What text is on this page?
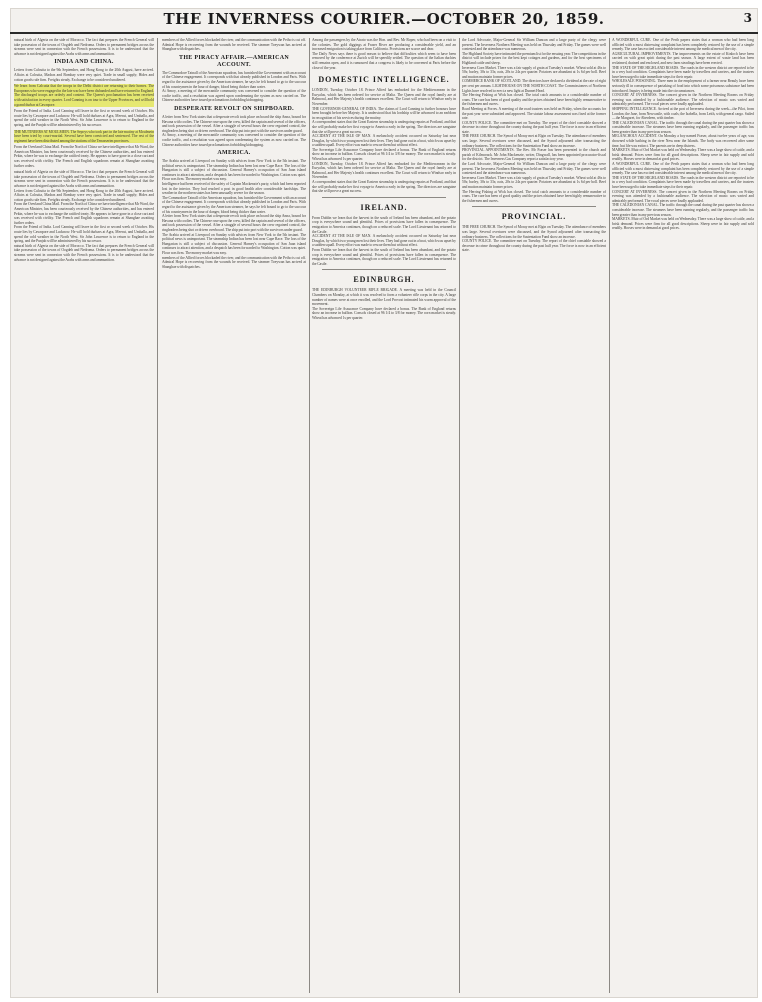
THE INVERNESS COURIER.—OCTOBER 20, 1859.	3
natural birth of Algeria on the side of Morocco. The fact that prepares the French General will take possession of the towns of Oogdeh and Nedroma. Orders to permanent bridges across the streams were sent in connexion with the French possessions. It is to be understood that the advance is not designed against the Arabs with arms and ammunition.
INDIA AND CHINA.
Letters from Calcutta to the 9th September, and Hong Kong to the 20th August, have arrived. Affairs at Calcutta, Madras and Bombay were very quiet. Trade in small supply; Hides and cotton goods rule firm. Freights steady. Exchange to be considered unaltered.
We learn from Calcutta that the troops in the Delhi district are returning to their homes. The Europeans who were engaged in the late war have been disbanded and have returned to England. The discharged troops are orderly and content. The Queen's proclamation has been received with satisfaction in every quarter. Lord Canning is on tour to the Upper Provinces, and will hold a grand durbar at Cawnpore.
From the Friend of India. Lord Canning will leave in the first or second week of October. His route lies by Cawnpore and Lucknow. He will hold durbars at Agra, Meerut, and Umballa, and spend the cold weather in the North West. Sir John Lawrence is to return to England in the spring, and the Punjab will be administered by his successor.
THE MUTINEERS AT MOULMEIN. The Sepoys who took part in the late mutiny at Moulmein have been tried by court-martial. Several have been convicted and sentenced. The rest of the regiment have been distributed among the stations of the Tenasserim provinces.
From the Overland China Mail. From the North of China we have intelligence that Mr Ward, the American Minister, has been courteously received by the Chinese authorities, and has entered Pekin, where he was to exchange the ratified treaty. He appears to have gone in a close cart and was received with civility. The French and English squadrons remain at Shanghae awaiting further orders.
natural birth of Algeria on the side of Morocco. The fact that prepares the French General will take possession of the towns of Oogdeh and Nedroma. Orders to permanent bridges across the streams were sent in connexion with the French possessions. It is to be understood that the advance is not designed against the Arabs with arms and ammunition.
Letters from Calcutta to the 9th September, and Hong Kong to the 20th August, have arrived. Affairs at Calcutta, Madras and Bombay were very quiet. Trade in small supply; Hides and cotton goods rule firm. Freights steady. Exchange to be considered unaltered.
From the Overland China Mail. From the North of China we have intelligence that Mr Ward, the American Minister, has been courteously received by the Chinese authorities, and has entered Pekin, where he was to exchange the ratified treaty. He appears to have gone in a close cart and was received with civility. The French and English squadrons remain at Shanghae awaiting further orders.
From the Friend of India. Lord Canning will leave in the first or second week of October. His route lies by Cawnpore and Lucknow. He will hold durbars at Agra, Meerut, and Umballa, and spend the cold weather in the North West. Sir John Lawrence is to return to England in the spring, and the Punjab will be administered by his successor.
natural birth of Algeria on the side of Morocco. The fact that prepares the French General will take possession of the towns of Oogdeh and Nedroma. Orders to permanent bridges across the streams were sent in connexion with the French possessions. It is to be understood that the advance is not designed against the Arabs with arms and ammunition.
members of the Allied forces blockaded the river, and the communication with the Peiho is cut off. Admiral Hope is recovering from the wounds he received. The steamer Toeywan has arrived at Shanghae with dispatches.
THE PIRACY AFFAIR.—AMERICAN ACCOUNT.
The Commodore Tatnall of the American squadron, has furnished the Government with an account of the Chinese engagement. It corresponds with that already published in London and Paris. With regard to the assistance given by the American steamer, he says he felt bound to go to the succour of his countrymen in the hour of danger, blood being thicker than water.
At Amoy, a meeting of the mercantile community was convened to consider the question of the coolie traffic, and a resolution was agreed upon condemning the system as now carried on. The Chinese authorities have issued proclamations forbidding kidnapping.
DESPERATE REVOLT ON SHIPBOARD.
A letter from New York states that a desperate revolt took place on board the ship Anna, bound for Havana with coolies. The Chinese rose upon the crew, killed the captain and several of the officers, and took possession of the vessel. After a struggle of several hours the crew regained control, the ringleaders being shot or driven overboard. The ship put into port with the survivors under guard.
At Amoy, a meeting of the mercantile community was convened to consider the question of the coolie traffic, and a resolution was agreed upon condemning the system as now carried on. The Chinese authorities have issued proclamations forbidding kidnapping.
AMERICA.
The Arabia arrived at Liverpool on Sunday with advices from New York to the 5th instant. The political news is unimportant. The steamship Indian has been lost near Cape Race. The loss of the Hungarian is still a subject of discussion. General Harney's occupation of San Juan island continues to attract attention, and a despatch has been forwarded to Washington. Cotton was quiet. Flour was firm. The money market was easy.
Intelligence had been received of the safety of Captain Mackenzie's party, which had been reported lost in the interior. They had reached a post in good health after considerable hardships. The weather in the northern states has been unusually severe for the season.
The Commodore Tatnall of the American squadron, has furnished the Government with an account of the Chinese engagement. It corresponds with that already published in London and Paris. With regard to the assistance given by the American steamer, he says he felt bound to go to the succour of his countrymen in the hour of danger, blood being thicker than water.
A letter from New York states that a desperate revolt took place on board the ship Anna, bound for Havana with coolies. The Chinese rose upon the crew, killed the captain and several of the officers, and took possession of the vessel. After a struggle of several hours the crew regained control, the ringleaders being shot or driven overboard. The ship put into port with the survivors under guard.
The Arabia arrived at Liverpool on Sunday with advices from New York to the 5th instant. The political news is unimportant. The steamship Indian has been lost near Cape Race. The loss of the Hungarian is still a subject of discussion. General Harney's occupation of San Juan island continues to attract attention, and a despatch has been forwarded to Washington. Cotton was quiet. Flour was firm. The money market was easy.
members of the Allied forces blockaded the river, and the communication with the Peiho is cut off. Admiral Hope is recovering from the wounds he received. The steamer Toeywan has arrived at Shanghae with dispatches.
Among the passengers by the Atrato was the Hon. and Rev. Mr Roper, who had been on a visit to the colonies. The gold diggings at Fraser River are producing a considerable yield, and an increased emigration is taking place from California. Provisions are scarce and dear.
The Daily News says there is good reason to believe that difficulties which seem to have been removed by the conference at Zurich will be speedily settled. The question of the Italian duchies still remains open, and it is rumoured that a congress is likely to be convened at Paris before the close of the year.
DOMESTIC INTELLIGENCE.
LONDON, Tuesday, October 18. Prince Alfred has embarked for the Mediterranean in the Euryalus, which has been ordered for service at Malta. The Queen and the royal family are at Balmoral, and Her Majesty's health continues excellent. The Court will return to Windsor early in November.
THE GOVERNOR-GENERAL OF INDIA. The claims of Lord Canning to further honours have been brought before her Majesty. It is understood that his lordship will be advanced to an earldom in recognition of his services during the mutiny.
A correspondent states that the Great Eastern steamship is undergoing repairs at Portland, and that she will probably make her first voyage to America early in the spring. The directors are sanguine that she will prove a great success.
ACCIDENT AT THE ISLE OF MAN. A melancholy accident occurred on Saturday last near Douglas, by which two young men lost their lives. They had gone out in a boat, which was upset by a sudden squall. Every effort was made to rescue them but without effect.
The Sovereign Life Assurance Company have declared a bonus. The Bank of England returns show an increase in bullion. Consols closed at 96 1/4 to 3/8 for money. The corn market is steady. Wheat has advanced 1s per quarter.
LONDON, Tuesday, October 18. Prince Alfred has embarked for the Mediterranean in the Euryalus, which has been ordered for service at Malta. The Queen and the royal family are at Balmoral, and Her Majesty's health continues excellent. The Court will return to Windsor early in November.
A correspondent states that the Great Eastern steamship is undergoing repairs at Portland, and that she will probably make her first voyage to America early in the spring. The directors are sanguine that she will prove a great success.
IRELAND.
From Dublin we learn that the harvest in the south of Ireland has been abundant, and the potato crop is everywhere sound and plentiful. Prices of provisions have fallen in consequence. The emigration to America continues, though on a reduced scale. The Lord Lieutenant has returned to the Castle.
ACCIDENT AT THE ISLE OF MAN. A melancholy accident occurred on Saturday last near Douglas, by which two young men lost their lives. They had gone out in a boat, which was upset by a sudden squall. Every effort was made to rescue them but without effect.
From Dublin we learn that the harvest in the south of Ireland has been abundant, and the potato crop is everywhere sound and plentiful. Prices of provisions have fallen in consequence. The emigration to America continues, though on a reduced scale. The Lord Lieutenant has returned to the Castle.
EDINBURGH.
THE EDINBURGH VOLUNTEER RIFLE BRIGADE. A meeting was held in the Council Chambers on Monday, at which it was resolved to form a volunteer rifle corps in the city. A large number of names were at once enrolled, and the Lord Provost intimated his warm approval of the movement.
The Sovereign Life Assurance Company have declared a bonus. The Bank of England returns show an increase in bullion. Consols closed at 96 1/4 to 3/8 for money. The corn market is steady. Wheat has advanced 1s per quarter.
the Lord Advocate, Major-General Sir William Duncan and a large party of the clergy were present. The Inverness Northern Meeting was held on Thursday and Friday. The games were well contested and the attendance was numerous.
The Highland Society have intimated the premium list for the ensuing year. The competitions in the district will include prizes for the best kept cottages and gardens, and for the best specimens of Highland cattle and sheep.
Inverness Corn Market. There was a fair supply of grain at Tuesday's market. Wheat sold at 46s to 50s; barley, 30s to 33s; oats, 20s to 24s per quarter. Potatoes are abundant at 1s 6d per boll. Beef and mutton maintain former prices.
COMMERCE BANK OF SCOTLAND. The directors have declared a dividend at the rate of eight per cent per annum. LIGHTHOUSE ON THE NORTH COAST. The Commissioners of Northern Lights have resolved to erect a new light at Dunnet Head.
The Herring Fishing at Wick has closed. The total catch amounts to a considerable number of crans. The cure has been of good quality and the prices obtained have been highly remunerative to the fishermen and curers.
Road Meeting at Forres. A meeting of the road trustees was held on Friday, when the accounts for the past year were submitted and approved. The statute labour assessment was fixed at the former rate.
COUNTY POLICE. The committee met on Tuesday. The report of the chief constable showed a decrease in crime throughout the county during the past half year. The force is now in an efficient state.
THE FREE CHURCH. The Synod of Moray met at Elgin on Tuesday. The attendance of members was large. Several overtures were discussed, and the Synod adjourned after transacting the ordinary business. The collections for the Sustentation Fund show an increase.
PROVINCIAL APPOINTMENTS. The Rev. Mr Fraser has been presented to the church and parish of Kilmorack. Mr John Mackenzie, writer, Dingwall, has been appointed procurator-fiscal for the district. The Inverness Gas Company report a satisfactory year.
the Lord Advocate, Major-General Sir William Duncan and a large party of the clergy were present. The Inverness Northern Meeting was held on Thursday and Friday. The games were well contested and the attendance was numerous.
Inverness Corn Market. There was a fair supply of grain at Tuesday's market. Wheat sold at 46s to 50s; barley, 30s to 33s; oats, 20s to 24s per quarter. Potatoes are abundant at 1s 6d per boll. Beef and mutton maintain former prices.
The Herring Fishing at Wick has closed. The total catch amounts to a considerable number of crans. The cure has been of good quality and the prices obtained have been highly remunerative to the fishermen and curers.
PROVINCIAL.
THE FREE CHURCH. The Synod of Moray met at Elgin on Tuesday. The attendance of members was large. Several overtures were discussed, and the Synod adjourned after transacting the ordinary business. The collections for the Sustentation Fund show an increase.
COUNTY POLICE. The committee met on Tuesday. The report of the chief constable showed a decrease in crime throughout the county during the past half year. The force is now in an efficient state.
A WONDERFUL CURE. One of the Perth papers states that a woman who had been long afflicted with a most distressing complaint has been completely restored by the use of a simple remedy. The case has excited considerable interest among the medical men of the city.
AGRICULTURAL IMPROVEMENTS. The improvements on the estate of Kinloch have been carried on with great spirit during the past season. A large extent of waste land has been reclaimed, drained and enclosed, and new farm steadings have been erected.
THE STATE OF THE HIGHLAND ROADS. The roads in the western district are reported to be in a very bad condition. Complaints have been made by travellers and carriers, and the trustees have been urged to take immediate steps for their repair.
WHOLESALE POISONING. Three men in the employment of a farmer near Beauly have been seriously ill in consequence of partaking of food into which some poisonous substance had been introduced. Inquiry is being made into the circumstances.
CONCERT AT INVERNESS. The concert given in the Northern Meeting Rooms on Friday evening was attended by a fashionable audience. The selection of music was varied and admirably performed. The vocal pieces were loudly applauded.
SHIPPING INTELLIGENCE. Arrived at the port of Inverness during the week—the Pilot, from London; the Jane, from Newcastle, with coals; the Isabella, from Leith, with general cargo. Sailed—the Margaret, for Aberdeen, with timber.
THE CALEDONIAN CANAL. The traffic through the canal during the past quarter has shown a considerable increase. The steamers have been running regularly, and the passenger traffic has been greater than in any previous season.
MELANCHOLY ACCIDENT. On Monday a boy named Fraser, about twelve years of age, was drowned while bathing in the river Ness near the Islands. The body was recovered after some time, but life was extinct. The parents are in deep distress.
MARKETS. Muir of Ord Market was held on Wednesday. There was a large show of cattle, and a brisk demand. Prices were firm for all good descriptions. Sheep were in fair supply and sold readily. Horses were in demand at good prices.
A WONDERFUL CURE. One of the Perth papers states that a woman who had been long afflicted with a most distressing complaint has been completely restored by the use of a simple remedy. The case has excited considerable interest among the medical men of the city.
THE STATE OF THE HIGHLAND ROADS. The roads in the western district are reported to be in a very bad condition. Complaints have been made by travellers and carriers, and the trustees have been urged to take immediate steps for their repair.
CONCERT AT INVERNESS. The concert given in the Northern Meeting Rooms on Friday evening was attended by a fashionable audience. The selection of music was varied and admirably performed. The vocal pieces were loudly applauded.
THE CALEDONIAN CANAL. The traffic through the canal during the past quarter has shown a considerable increase. The steamers have been running regularly, and the passenger traffic has been greater than in any previous season.
MARKETS. Muir of Ord Market was held on Wednesday. There was a large show of cattle, and a brisk demand. Prices were firm for all good descriptions. Sheep were in fair supply and sold readily. Horses were in demand at good prices.
